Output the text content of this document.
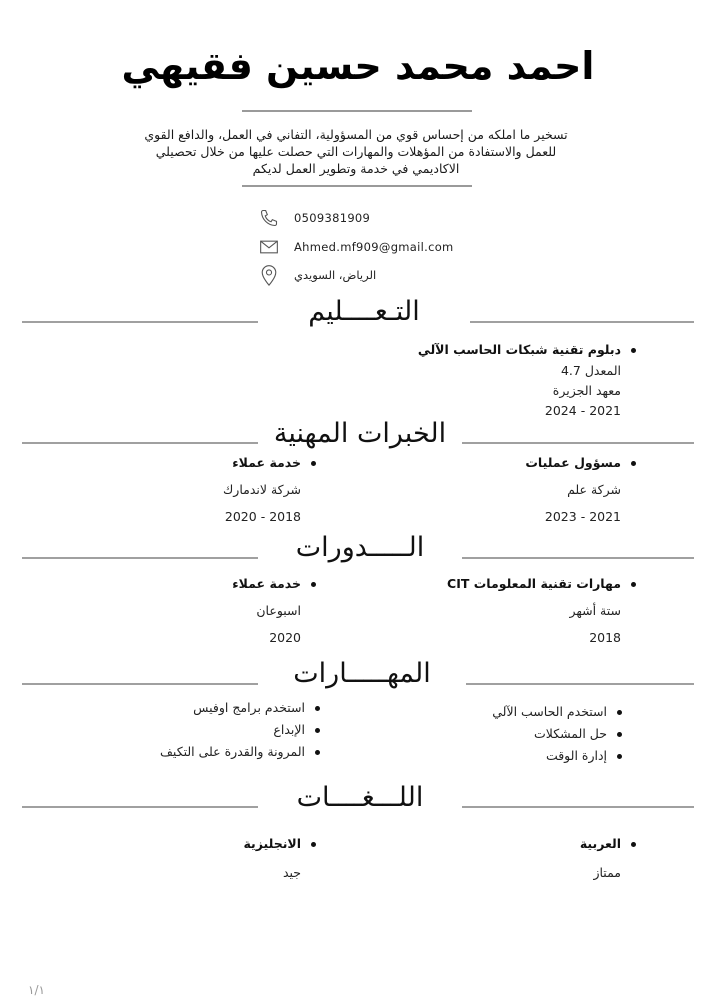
احمد محمد حسين فقيهي
تسخير ما املكه من إحساس قوي من المسؤولية، التفاني في العمل، والدافع القوي
للعمل والاستفادة من المؤهلات والمهارات التي حصلت عليها من خلال تحصيلي
الاكاديمي في خدمة وتطوير العمل لديكم
0509381909
Ahmed.mf909@gmail.com
الرياض، السويدي
التـعــــليم
دبلوم تقنية شبكات الحاسب الآلي
المعدل 4.7
معهد الجزيرة
2021 - 2024
الخبرات المهنية
مسؤول عمليات
شركة علم
2021 - 2023
خدمة عملاء
شركة لاندمارك
2018 - 2020
الـــــدورات
مهارات تقنية المعلومات CIT
ستة أشهر
2018
خدمة عملاء
اسبوعان
2020
المهـــــارات
استخدم الحاسب الآلي
حل المشكلات
إدارة الوقت
استخدم برامج اوفيس
الإبداع
المرونة والقدرة على التكيف
اللـــغــــات
العربية
ممتاز
الانجليزية
جيد
١/١
